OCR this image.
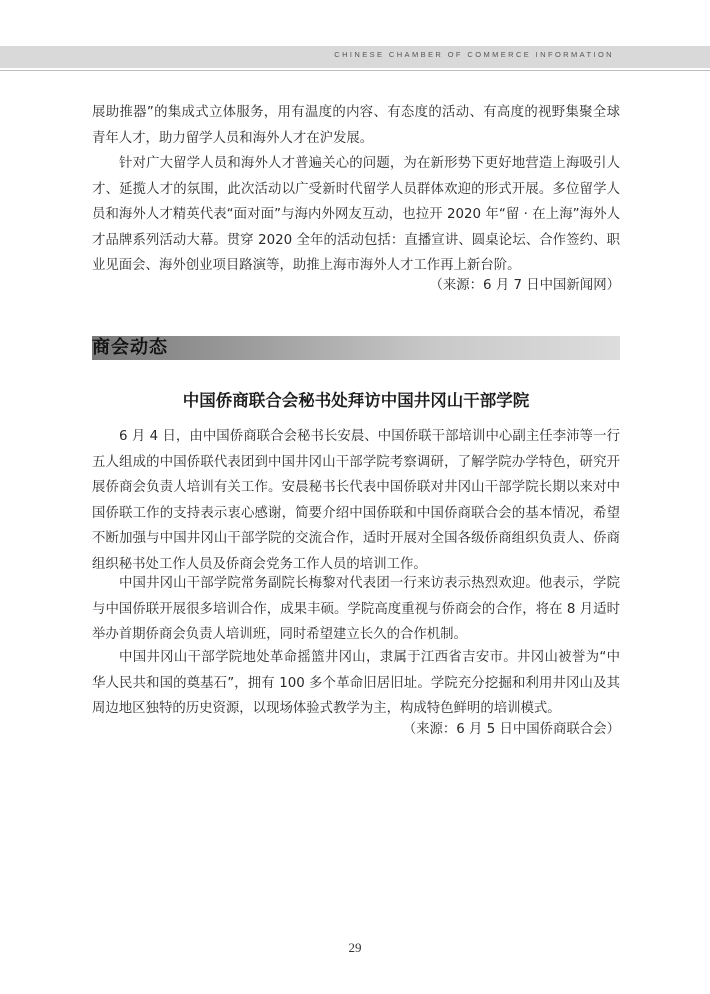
CHINESE CHAMBER OF COMMERCE INFORMATION

展助推器”的集成式立体服务，用有温度的内容、有态度的活动、有高度的视野集聚全球青年人才，助力留学人员和海外人才在沪发展。

针对广大留学人员和海外人才普遍关心的问题，为在新形势下更好地营造上海吸引人才、延揽人才的氛围，此次活动以广受新时代留学人员群体欢迎的形式开展。多位留学人员和海外人才精英代表“面对面”与海内外网友互动，也拉开 2020 年“留 · 在上海”海外人才品牌系列活动大幕。贯穿 2020 全年的活动包括：直播宣讲、圆桌论坛、合作签约、职业见面会、海外创业项目路演等，助推上海市海外人才工作再上新台阶。

（来源：6 月 7 日中国新闻网）
商会动态
中国侨商联合会秘书处拜访中国井冈山干部学院

6 月 4 日，由中国侨商联合会秘书长安晨、中国侨联干部培训中心副主任李沛等一行五人组成的中国侨联代表团到中国井冈山干部学院考察调研，了解学院办学特色，研究开展侨商会负责人培训有关工作。安晨秘书长代表中国侨联对井冈山干部学院长期以来对中国侨联工作的支持表示衷心感谢，简要介绍中国侨联和中国侨商联合会的基本情况，希望不断加强与中国井冈山干部学院的交流合作，适时开展对全国各级侨商组织负责人、侨商组织秘书处工作人员及侨商会党务工作人员的培训工作。

中国井冈山干部学院常务副院长梅黎对代表团一行来访表示热烈欢迎。他表示，学院与中国侨联开展很多培训合作，成果丰硕。学院高度重视与侨商会的合作，将在 8 月适时举办首期侨商会负责人培训班，同时希望建立长久的合作机制。

中国井冈山干部学院地处革命摇篮井冈山，隶属于江西省吉安市。井冈山被誉为“中华人民共和国的奠基石”，拥有 100 多个革命旧居旧址。学院充分挖掘和利用井冈山及其周边地区独特的历史资源，以现场体验式教学为主，构成特色鲜明的培训模式。

（来源：6 月 5 日中国侨商联合会）
29
